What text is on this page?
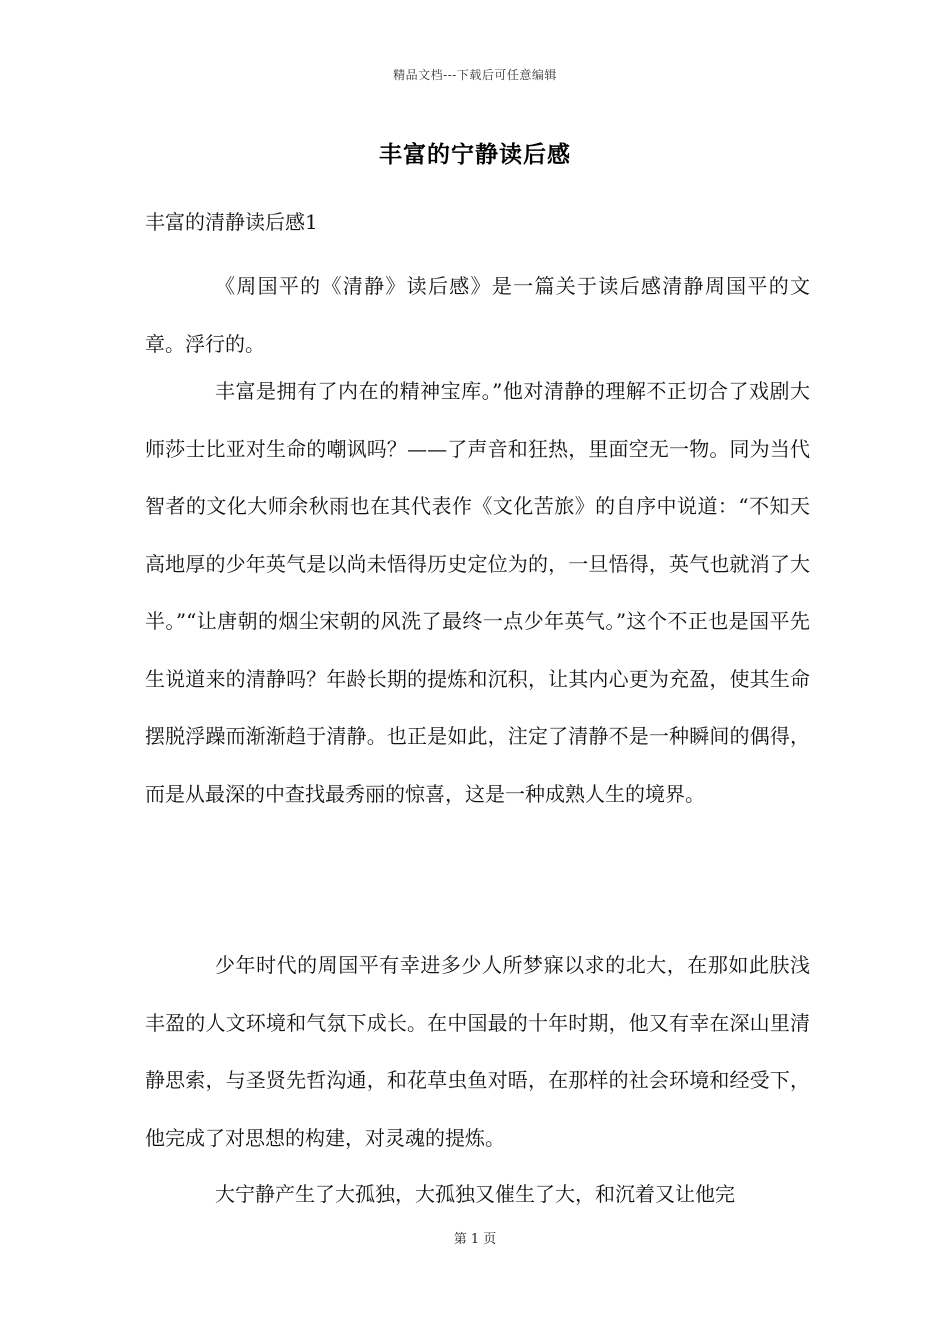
精品文档---下载后可任意编辑
丰富的宁静读后感
丰富的清静读后感1

《周国平的《清静》读后感》是一篇关于读后感清静周国平的文章。浮行的。

丰富是拥有了内在的精神宝库。”他对清静的理解不正切合了戏剧大师莎士比亚对生命的嘲讽吗？——了声音和狂热，里面空无一物。同为当代智者的文化大师余秋雨也在其代表作《文化苦旅》的自序中说道：“不知天高地厚的少年英气是以尚未悟得历史定位为的，一旦悟得，英气也就消了大半。”“让唐朝的烟尘宋朝的风洗了最终一点少年英气。”这个不正也是国平先生说道来的清静吗？年龄长期的提炼和沉积，让其内心更为充盈，使其生命摆脱浮躁而渐渐趋于清静。也正是如此，注定了清静不是一种瞬间的偶得，而是从最深的中查找最秀丽的惊喜，这是一种成熟人生的境界。

少年时代的周国平有幸进多少人所梦寐以求的北大，在那如此肤浅丰盈的人文环境和气氛下成长。在中国最的十年时期，他又有幸在深山里清静思索，与圣贤先哲沟通，和花草虫鱼对晤，在那样的社会环境和经受下，他完成了对思想的构建，对灵魂的提炼。

大宁静产生了大孤独，大孤独又催生了大，和沉着又让他完

第 1 页
